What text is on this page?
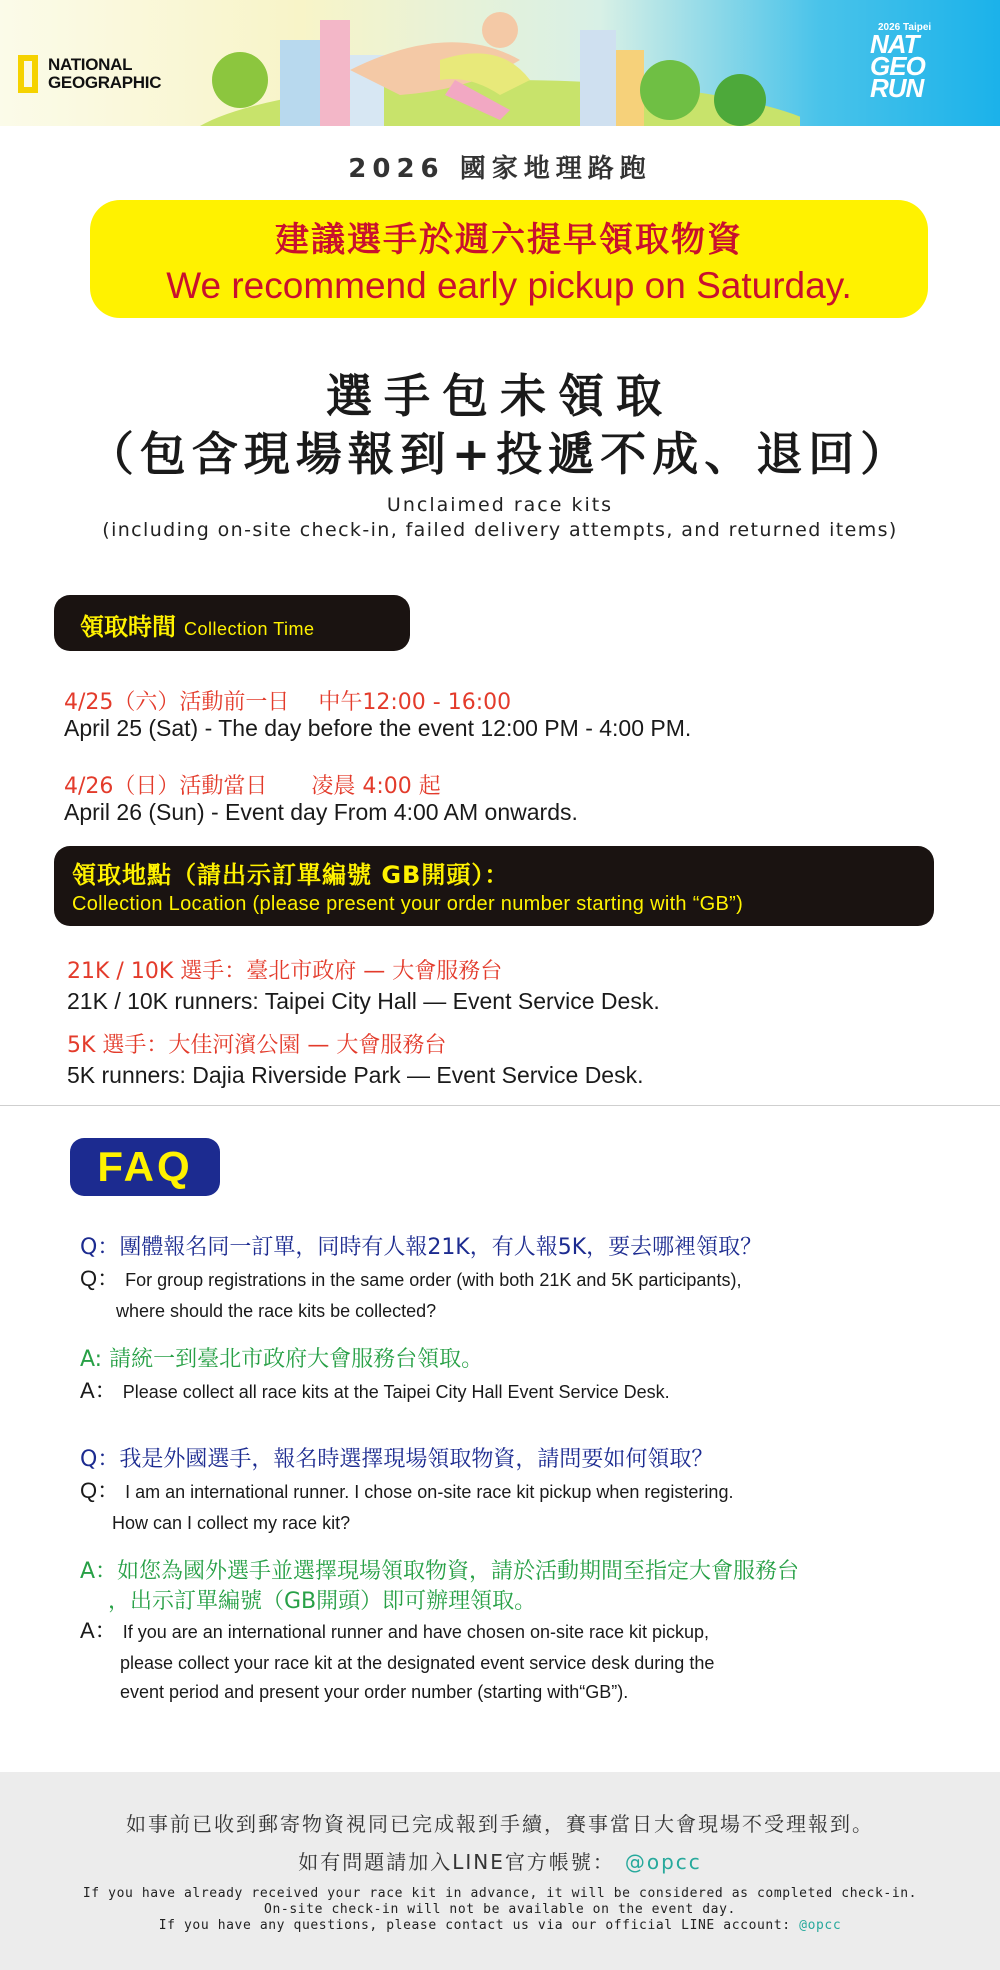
NATIONAL
GEOGRAPHIC
2026 Taipei
NAT
GEO
RUN
2026 國家地理路跑
建議選手於週六提早領取物資
We recommend early pickup on Saturday.
選手包未領取
（包含現場報到+投遞不成、退回）
Unclaimed race kits
(including on-site check-in, failed delivery attempts, and returned items)
領取時間 Collection Time
4/25（六）活動前一日　 中午12:00 - 16:00
April 25 (Sat) - The day before the event 12:00 PM - 4:00 PM.
4/26（日）活動當日　　凌晨 4:00 起
April 26 (Sun) - Event day From 4:00 AM onwards.
領取地點（請出示訂單編號 GB開頭）：
Collection Location (please present your order number starting with “GB”)
21K / 10K 選手：臺北市政府 — 大會服務台
21K / 10K runners: Taipei City Hall — Event Service Desk.
5K 選手：大佳河濱公園 — 大會服務台
5K runners: Dajia Riverside Park — Event Service Desk.
FAQ
Q：團體報名同一訂單，同時有人報21K，有人報5K，要去哪裡領取？
Q： For group registrations in the same order (with both 21K and 5K participants),
where should the race kits be collected?
A: 請統一到臺北市政府大會服務台領取。
A： Please collect all race kits at the Taipei City Hall Event Service Desk.
Q：我是外國選手，報名時選擇現場領取物資，請問要如何領取？
Q： I am an international runner. I chose on-site race kit pickup when registering.
How can I collect my race kit?
A：如您為國外選手並選擇現場領取物資，請於活動期間至指定大會服務台
，出示訂單編號（GB開頭）即可辦理領取。
A： If you are an international runner and have chosen on-site race kit pickup,
please collect your race kit at the designated event service desk during the
event period and present your order number (starting with“GB”).
如事前已收到郵寄物資視同已完成報到手續，賽事當日大會現場不受理報到。
如有問題請加入LINE官方帳號： @opcc
If you have already received your race kit in advance, it will be considered as completed check-in.
On-site check-in will not be available on the event day.
If you have any questions, please contact us via our official LINE account: @opcc
